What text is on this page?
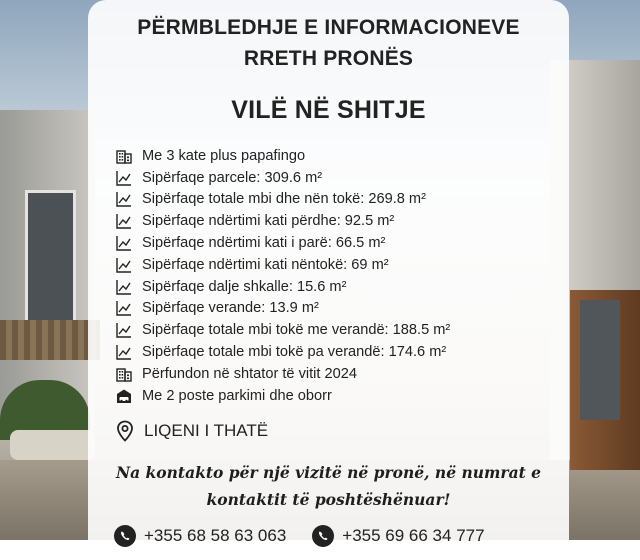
PËRMBLEDHJE E INFORMACIONEVE
RRETH PRONËS
VILË NË SHITJE
Me 3 kate plus papafingo
Sipërfaqe parcele: 309.6 m²
Sipërfaqe totale mbi dhe nën tokë: 269.8 m²
Sipërfaqe ndërtimi kati përdhe: 92.5 m²
Sipërfaqe ndërtimi kati i parë: 66.5 m²
Sipërfaqe ndërtimi kati nëntokë: 69 m²
Sipërfaqe dalje shkalle: 15.6 m²
Sipërfaqe verande: 13.9 m²
Sipërfaqe totale mbi tokë me verandë: 188.5 m²
Sipërfaqe totale mbi tokë pa verandë: 174.6 m²
Përfundon në shtator të vitit 2024
Me 2 poste parkimi dhe oborr
LIQENI I THATË
Na kontakto për një vizitë në pronë, në numrat e
kontaktit të poshtëshënuar!
+355 68 58 63 063	+355 69 66 34 777
